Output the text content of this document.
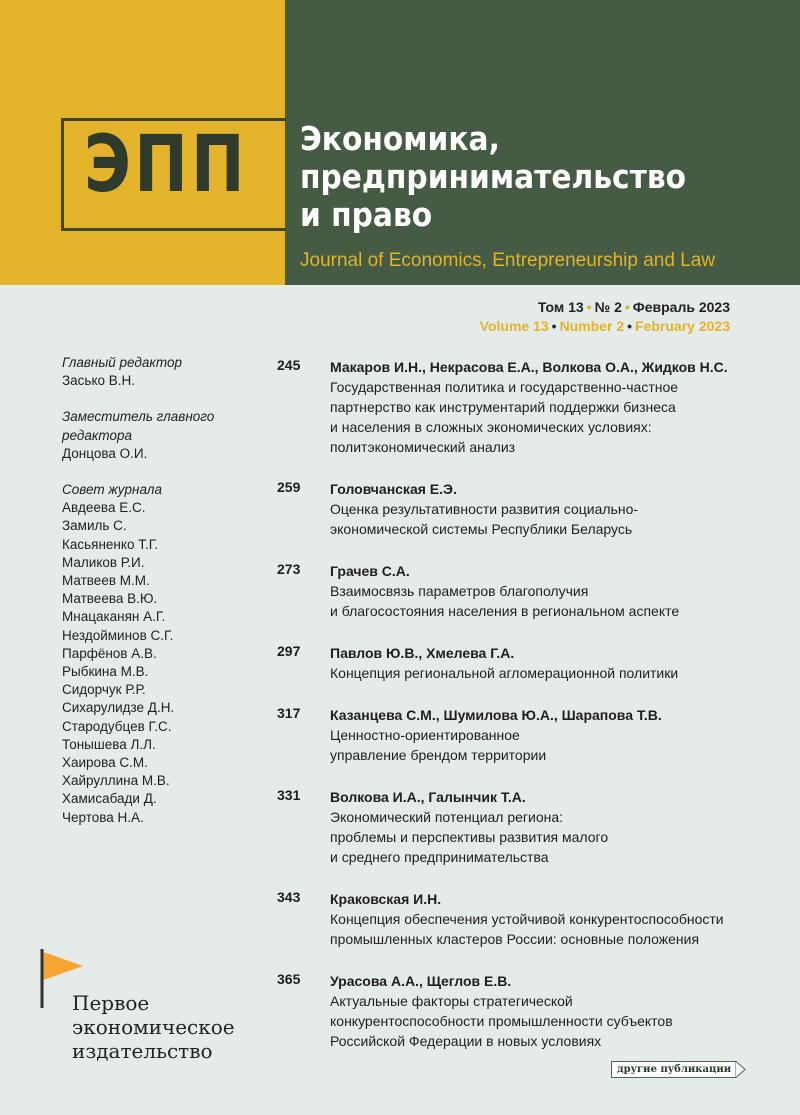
ЭПП Экономика,
предпринимательство
и право
Journal of Economics, Entrepreneurship and Law
Том 13 • № 2 • Февраль 2023
Volume 13 • Number 2 • February 2023
Главный редактор
Засько В.Н.
Заместитель главного
редактора
Донцова О.И.
Совет журнала
Авдеева Е.С.
Замиль С.
Касьяненко Т.Г.
Маликов Р.И.
Матвеев М.М.
Матвеева В.Ю.
Мнацаканян А.Г.
Нездойминов С.Г.
Парфёнов А.В.
Рыбкина М.В.
Сидорчук Р.Р.
Сихарулидзе Д.Н.
Стародубцев Г.С.
Тонышева Л.Л.
Хаирова С.М.
Хайруллина М.В.
Хамисабади Д.
Чертова Н.А.
245 Макаров И.Н., Некрасова Е.А., Волкова О.А., Жидков Н.С.
Государственная политика и государственно-частное
партнерство как инструментарий поддержки бизнеса
и населения в сложных экономических условиях:
политэкономический анализ
259 Головчанская Е.Э.
Оценка результативности развития социально-
экономической системы Республики Беларусь
273 Грачев С.А.
Взаимосвязь параметров благополучия
и благосостояния населения в региональном аспекте
297 Павлов Ю.В., Хмелева Г.А.
Концепция региональной агломерационной политики
317 Казанцева С.М., Шумилова Ю.А., Шарапова Т.В.
Ценностно-ориентированное
управление брендом территории
331 Волкова И.А., Галынчик Т.А.
Экономический потенциал региона:
проблемы и перспективы развития малого
и среднего предпринимательства
343 Краковская И.Н.
Концепция обеспечения устойчивой конкурентоспособности
промышленных кластеров России: основные положения
365 Урасова А.А., Щеглов Е.В.
Актуальные факторы стратегической
конкурентоспособности промышленности субъектов
Российской Федерации в новых условиях
Первое
экономическое
издательство
другие публикации
